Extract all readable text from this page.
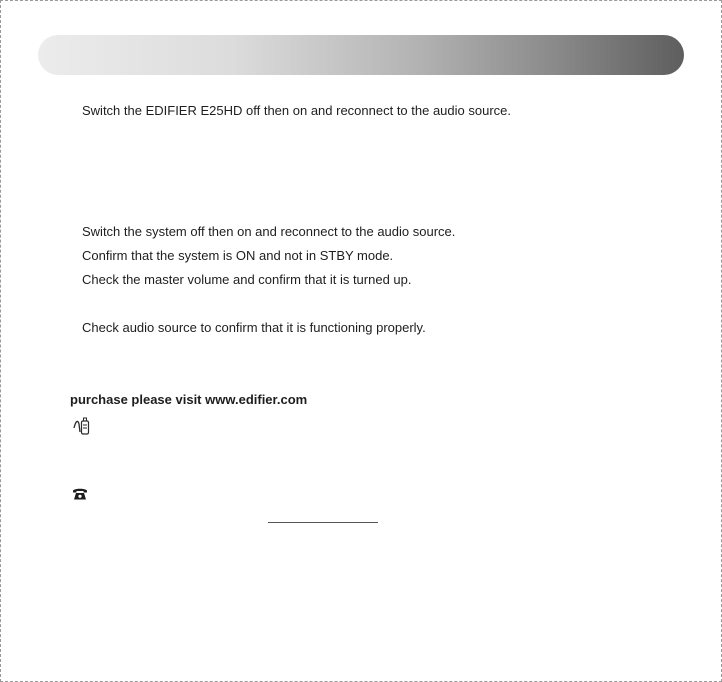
Switch the EDIFIER E25HD off then on and reconnect to the audio source.
Switch the system off then on and reconnect to the audio source.
Confirm that the system is ON and not in STBY mode.
Check the master volume and confirm that it is turned up.
Check audio source to confirm that it is functioning properly.
purchase please visit www.edifier.com
